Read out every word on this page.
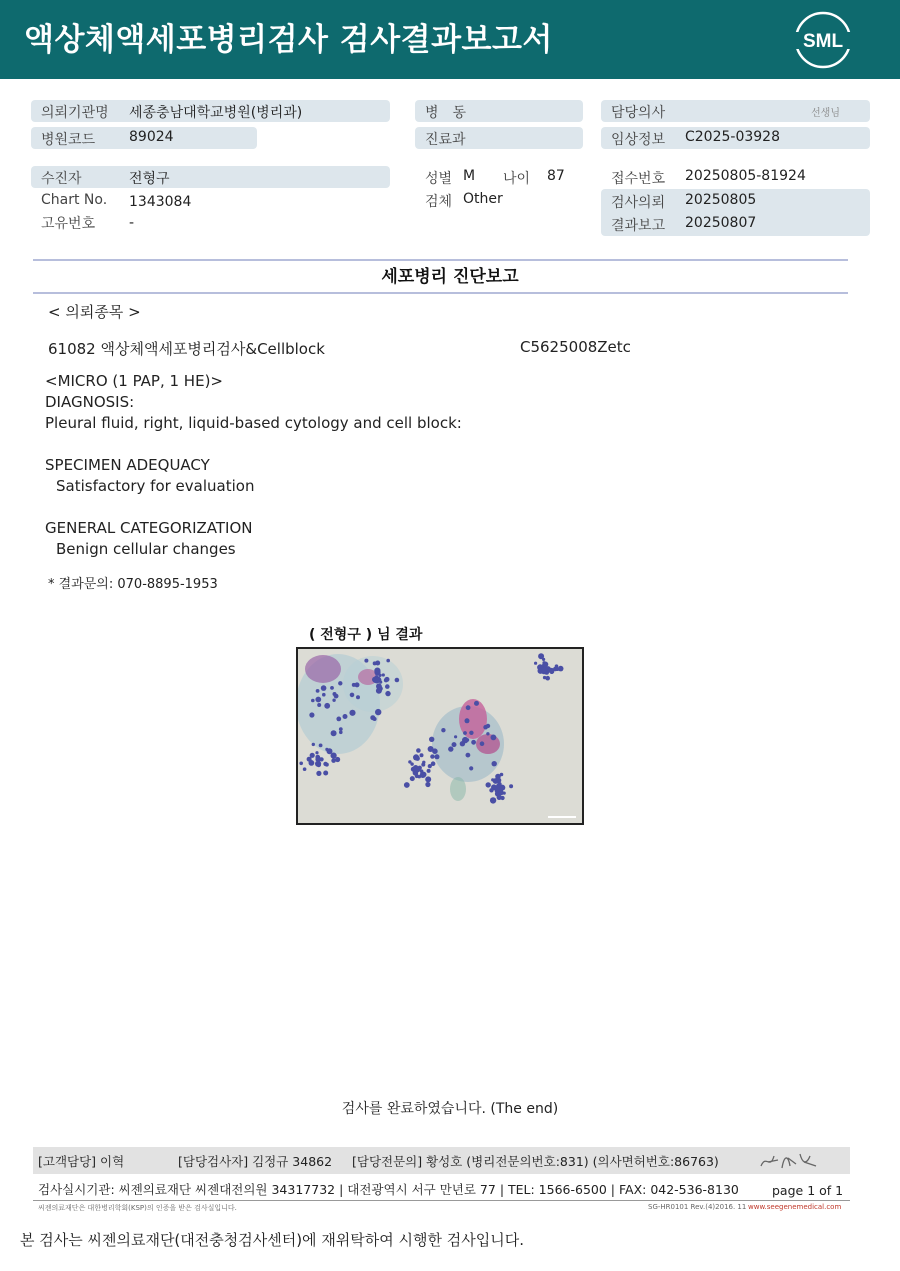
액상체액세포병리검사 검사결과보고서	SML
의뢰기관명 세종충남대학교병원(병리과)
병원코드 89024
수진자	전형구
Chart No. 1343084
고유번호 -
병　동
진료과
성별 M 나이 87
검체 Other
담당의사	선생님
임상정보 C2025-03928
접수번호 20250805-81924
검사의뢰 20250805
결과보고 20250807
세포병리 진단보고
< 의뢰종목 >
61082 액상체액세포병리검사&Cellblock	C5625008Zetc
<MICRO (1 PAP, 1 HE)>
DIAGNOSIS:
Pleural fluid, right, liquid-based cytology and cell block:
SPECIMEN ADEQUACY
Satisfactory for evaluation
GENERAL CATEGORIZATION
Benign cellular changes
* 결과문의: 070-8895-1953
( 전형구 ) 님 결과
검사를 완료하였습니다. (The end)
[고객담당] 이혁	[담당검사자] 김정규 34862 [담당전문의] 황성호 (병리전문의번호:831) (의사면허번호:86763)
검사실시기관: 씨젠의료재단 씨젠대전의원 34317732 | 대전광역시 서구 만년로 77 | TEL: 1566-6500 | FAX: 042-536-8130	page 1 of 1
씨젠의료재단은 대한병리학회(KSP)의 인증을 받은 검사실입니다.	SG-HR0101 Rev.(4)2016. 11 www.seegenemedical.com
본 검사는 씨젠의료재단(대전충청검사센터)에 재위탁하여 시행한 검사입니다.
